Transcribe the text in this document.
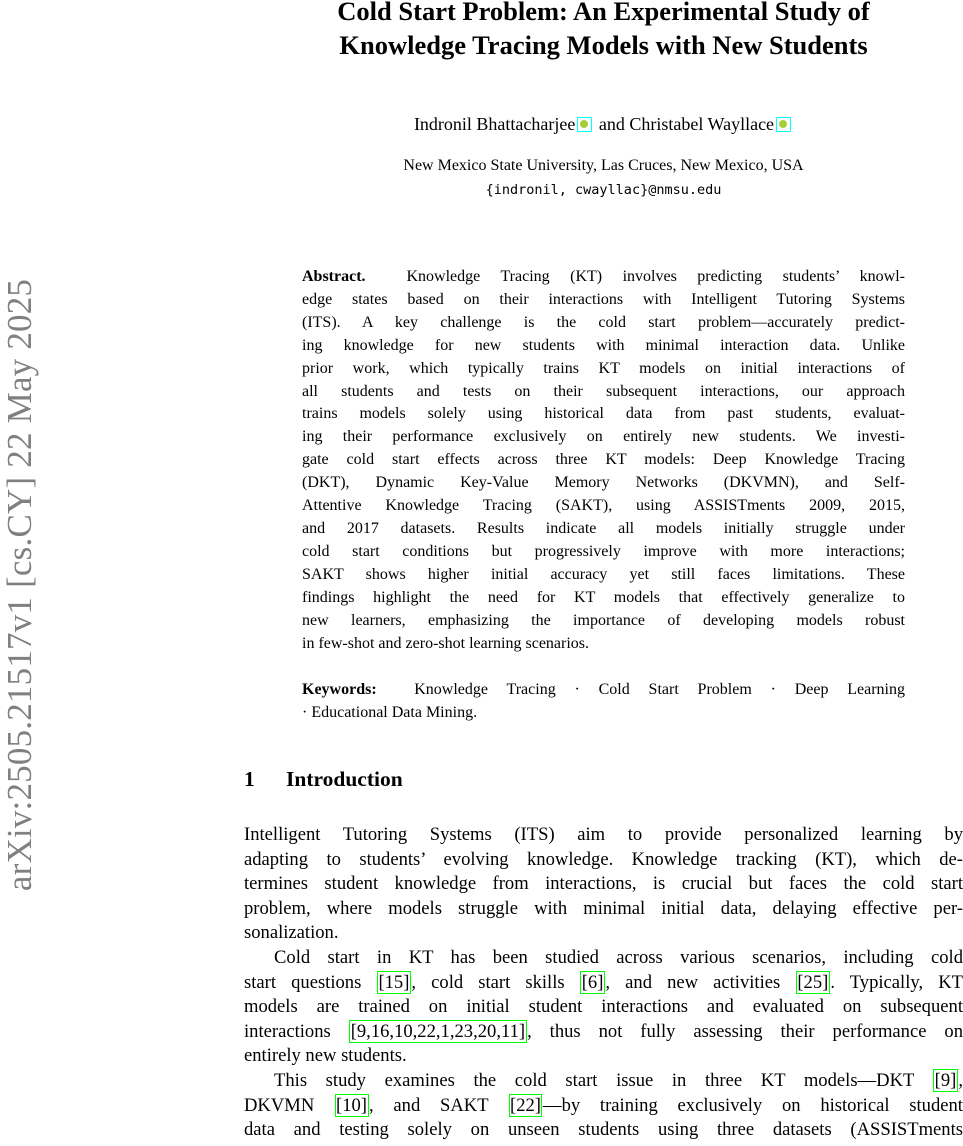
arXiv:2505.21517v1 [cs.CY] 22 May 2025
Cold Start Problem: An Experimental Study of
Knowledge Tracing Models with New Students
Indronil Bhattacharjee and Christabel Wayllace
New Mexico State University, Las Cruces, New Mexico, USA
{indronil, cwayllac}@nmsu.edu
Abstract.	Knowledge Tracing (KT) involves predicting students’ knowl-
edge states based on their interactions with Intelligent Tutoring Systems
(ITS). A key challenge is the cold start problem—accurately predict-
ing knowledge for new students with minimal interaction data. Unlike
prior work, which typically trains KT models on initial interactions of
all students and tests on their subsequent interactions, our approach
trains models solely using historical data from past students, evaluat-
ing their performance exclusively on entirely new students. We investi-
gate cold start effects across three KT models: Deep Knowledge Tracing
(DKT), Dynamic Key-Value Memory Networks (DKVMN), and Self-
Attentive Knowledge Tracing (SAKT), using ASSISTments 2009, 2015,
and 2017 datasets. Results indicate all models initially struggle under
cold start conditions but progressively improve with more interactions;
SAKT shows higher initial accuracy yet still faces limitations. These
findings highlight the need for KT models that effectively generalize to
new learners, emphasizing the importance of developing models robust
in few-shot and zero-shot learning scenarios.
Keywords: Knowledge Tracing · Cold Start Problem · Deep Learning
· Educational Data Mining.
1 Introduction
Intelligent Tutoring Systems (ITS) aim to provide personalized learning by
adapting to students’ evolving knowledge. Knowledge tracking (KT), which de-
termines student knowledge from interactions, is crucial but faces the cold start
problem, where models struggle with minimal initial data, delaying effective per-
sonalization.
Cold start in KT has been studied across various scenarios, including cold
start questions [15] , cold start skills [6] , and new activities [25] . Typically, KT
models are trained on initial student interactions and evaluated on subsequent
interactions [9,16,10,22,1,23,20,11] , thus not fully assessing their performance on
entirely new students.
This study examines the cold start issue in three KT models—DKT [9] ,
DKVMN [10] , and SAKT [22] —by training exclusively on historical student
data and testing solely on unseen students using three datasets (ASSISTments
